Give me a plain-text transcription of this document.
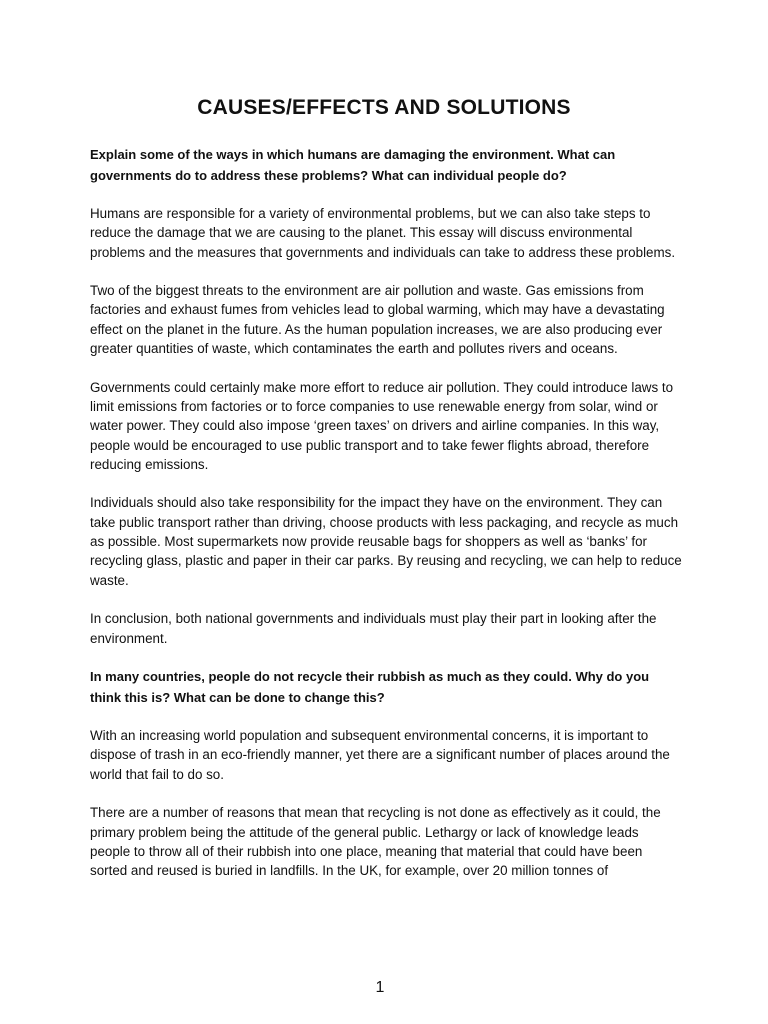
CAUSES/EFFECTS AND SOLUTIONS

Explain some of the ways in which humans are damaging the environment. What can governments do to address these problems? What can individual people do?

Humans are responsible for a variety of environmental problems, but we can also take steps to reduce the damage that we are causing to the planet. This essay will discuss environmental problems and the measures that governments and individuals can take to address these problems.

Two of the biggest threats to the environment are air pollution and waste. Gas emissions from factories and exhaust fumes from vehicles lead to global warming, which may have a devastating effect on the planet in the future. As the human population increases, we are also producing ever greater quantities of waste, which contaminates the earth and pollutes rivers and oceans.

Governments could certainly make more effort to reduce air pollution. They could introduce laws to limit emissions from factories or to force companies to use renewable energy from solar, wind or water power. They could also impose ‘green taxes’ on drivers and airline companies. In this way, people would be encouraged to use public transport and to take fewer flights abroad, therefore reducing emissions.

Individuals should also take responsibility for the impact they have on the environment. They can take public transport rather than driving, choose products with less packaging, and recycle as much as possible. Most supermarkets now provide reusable bags for shoppers as well as ‘banks’ for recycling glass, plastic and paper in their car parks. By reusing and recycling, we can help to reduce waste.

In conclusion, both national governments and individuals must play their part in looking after the environment.

In many countries, people do not recycle their rubbish as much as they could. Why do you think this is? What can be done to change this?

With an increasing world population and subsequent environmental concerns, it is important to dispose of trash in an eco-friendly manner, yet there are a significant number of places around the world that fail to do so.

There are a number of reasons that mean that recycling is not done as effectively as it could, the primary problem being the attitude of the general public. Lethargy or lack of knowledge leads people to throw all of their rubbish into one place, meaning that material that could have been sorted and reused is buried in landfills. In the UK, for example, over 20 million tonnes of

1
